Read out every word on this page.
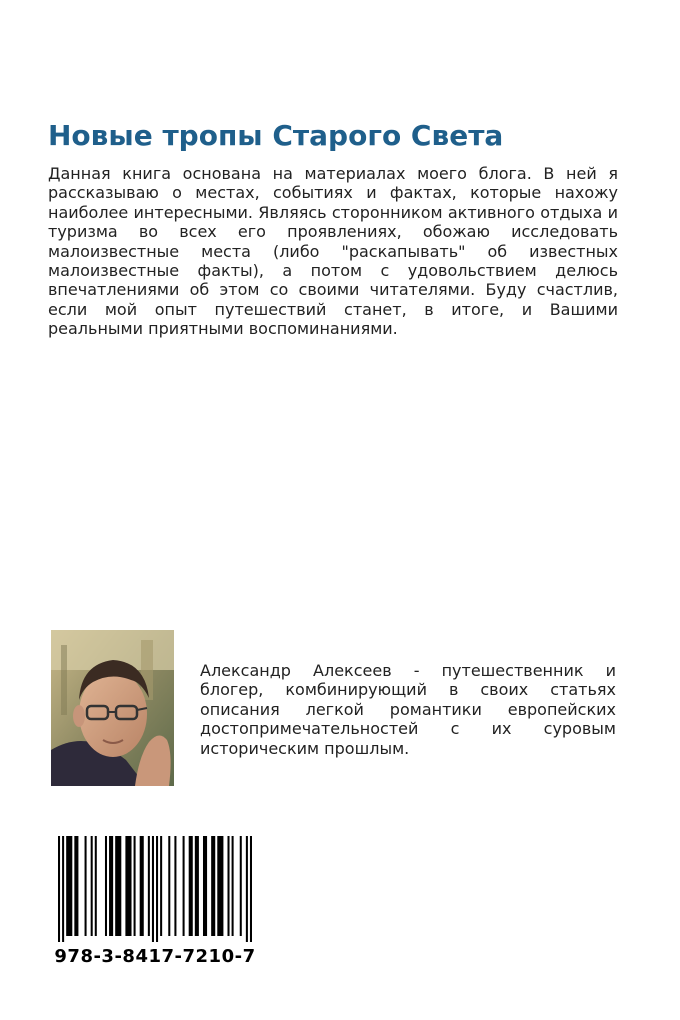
Новые тропы Старого Света

Данная книга основана на материалах моего блога. В ней я рассказываю о местах, событиях и фактах, которые нахожу наиболее интересными. Являясь сторонником активного отдыха и туризма во всех его проявлениях, обожаю исследовать малоизвестные места (либо "раскапывать" об известных малоизвестные факты), а потом с удовольствием делюсь впечатлениями об этом со своими читателями. Буду счастлив, если мой опыт путешествий станет, в итоге, и Вашими реальными приятными воспоминаниями.

Александр Алексеев - путешественник и блогер, комбинирующий в своих статьях описания легкой романтики европейских достопримечательностей с их суровым историческим прошлым.

978-3-8417-7210-7
